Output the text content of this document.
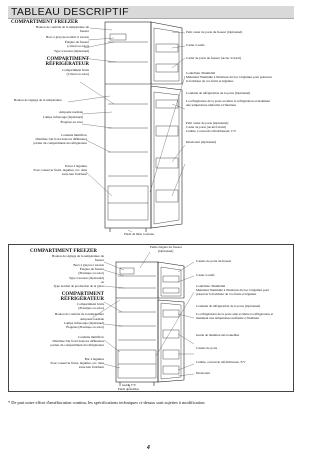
TABLEAU DESCRIPTIF
COMPARTIMENT FREEZER
Bouton de contrôle de la température du
freezer
Bacs à glaçons normal /à torsion
Étagère du freezer
(cristal ou acier)
Type à torsion (Optionnel)
COMPARTIMENT
RÉFRIGÉRATEUR
Compartiment fruits
(Cristal ou acier)
Bouton de réglage de la température
Ampoule normale
Lampe infrarouge (Optionnel)
Étagères en acier
Conduite multiflow
Distribue l'air froid dans les différentes
parties du compartiment du réfrigérateur
Porter à légumes
Pour conserver fruits, légumes, etc. dans
toute leur fraîcheur
Pieds de mise à niveau
Petit casier de porte du freezer (Optionnel)
Casier à oeufs
Casier de porte du freezer (Acier /Cristal)
Contrôleur d'humidité
Maintient l'humidité à l'intérieur du bac à légumes pour préserver la fraîcheur de vos fruits et légumes
Conduite de réfrigération de la porte (Optionnel)
La réfrigération de la porte accélère la réfrigération et maintient une température uniforme à l'intérieur
Petit casier de porte (Optionnel)
Casier de porte (Acier/Cristal)
Cellule, Couvercle réfraîchissant, T/V
Déodorant (Optionnel)
Petite étagère du freezer
(Optionnel)
COMPARTIMENT FREEZER
Bouton de réglage de la température du
freezer
Bacs à glaçon à torsion
Étagère du freezer
(Plastique ou acier)
Type à torsion (Optionnel)
ou
Type normal de production de la glace
COMPARTIMENT
RÉFRIGÉRATEUR
Compartiment fruits
(Plastique ou acier)
Bouton de contrôle de la température
Ampoule normale
Lampe infrarouge (Optionnel)
Étagères (Plastique ou acier)
Conduite multiflow
Distribue l'air froid dans les différentes
parties du compartiment du réfrigérateur
Bac à légumes
Pour conserver fruits, légumes, etc. dans
toute leur fraîcheur
Guide T/V
Pieds ajustables
Casiers de porte du freezer
Casier à oeufs
Contrôleur d'humidité
Maintient l'humidité à l'intérieur du bac à légumes pour préserver la fraîcheur de vos fruits et légumes
Conduite de réfrigération de la porte (Optionnel)
La réfrigération de la porte aide accélère la réfrigération et maintient une température uniforme à l'intérieur
Guide de maintien des bouteilles
Casiers de porte
Cellule, couvercle rafraîchissant, T/V
Déodorant
* De part notre effort d'amélioration continu, les spécifications techniques ci-dessus sont sujettes à modification.
4
